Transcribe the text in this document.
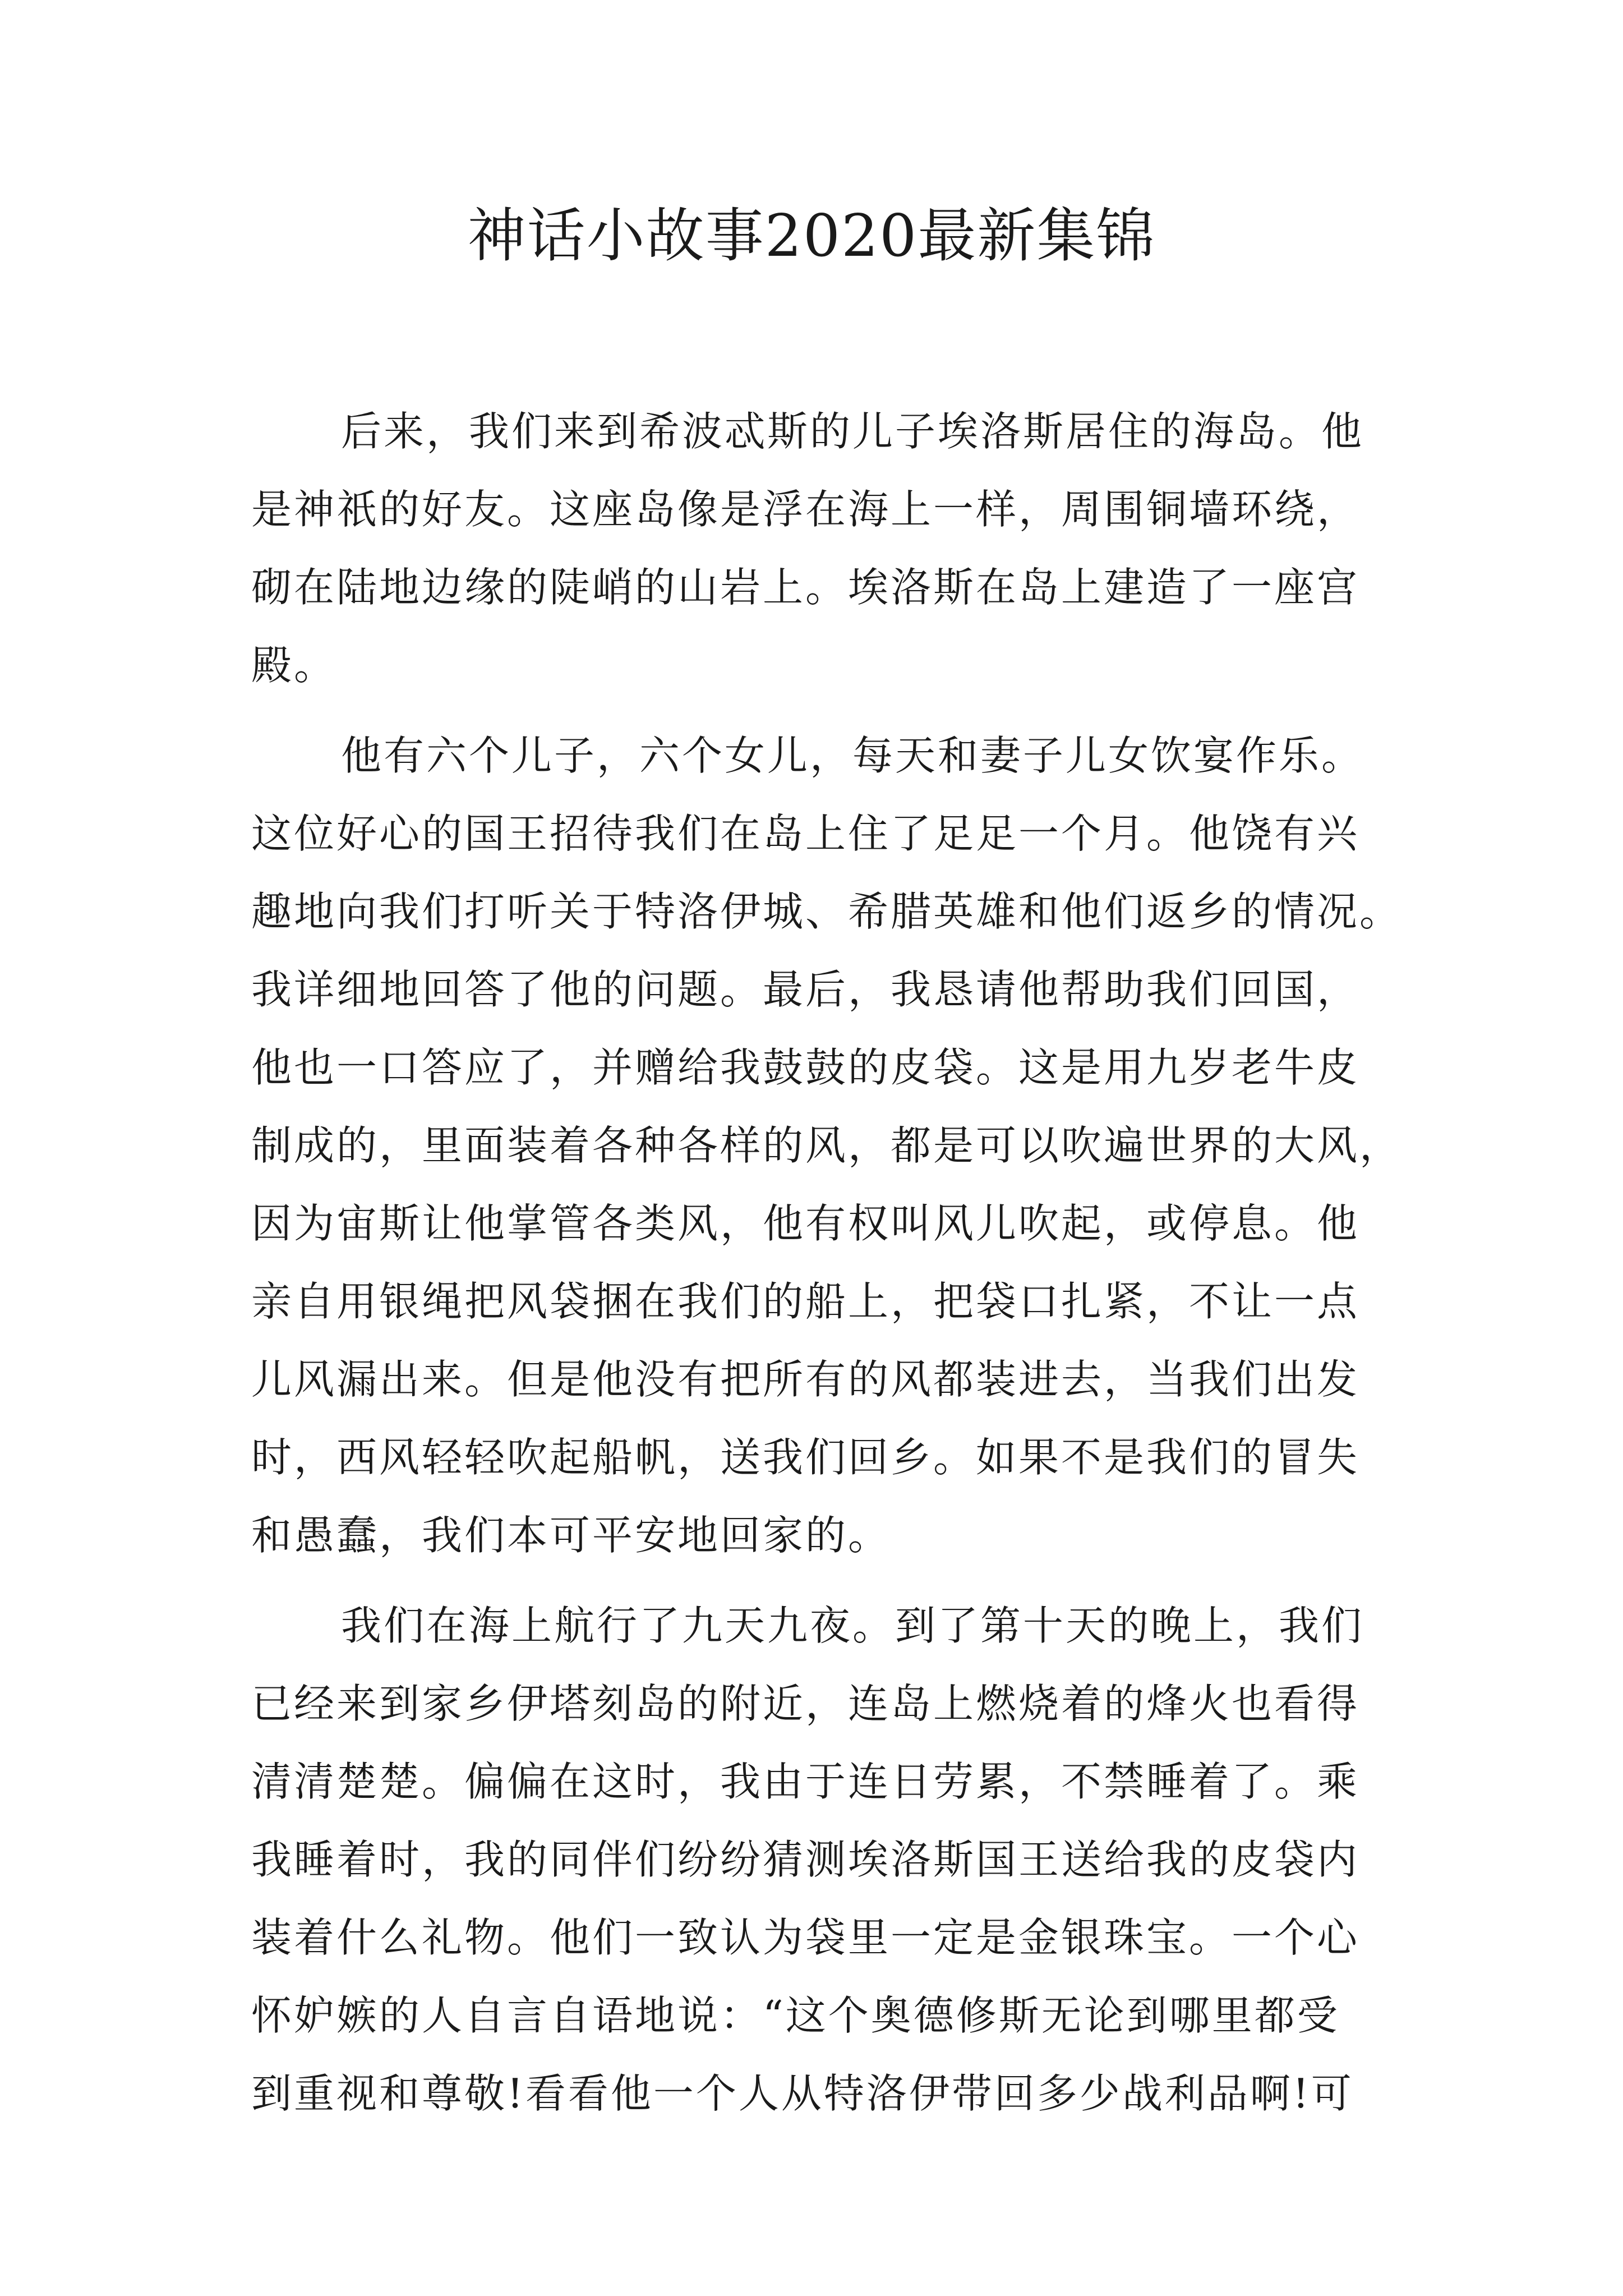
神话小故事2020最新集锦
后来，我们来到希波忒斯的儿子埃洛斯居住的海岛。他
是神祇的好友。这座岛像是浮在海上一样，周围铜墙环绕，
砌在陆地边缘的陡峭的山岩上。埃洛斯在岛上建造了一座宫
殿。
他有六个儿子，六个女儿，每天和妻子儿女饮宴作乐。
这位好心的国王招待我们在岛上住了足足一个月。他饶有兴
趣地向我们打听关于特洛伊城、希腊英雄和他们返乡的情况。
我详细地回答了他的问题。最后，我恳请他帮助我们回国，
他也一口答应了，并赠给我鼓鼓的皮袋。这是用九岁老牛皮
制成的，里面装着各种各样的风，都是可以吹遍世界的大风，
因为宙斯让他掌管各类风，他有权叫风儿吹起，或停息。他
亲自用银绳把风袋捆在我们的船上，把袋口扎紧，不让一点
儿风漏出来。但是他没有把所有的风都装进去，当我们出发
时，西风轻轻吹起船帆，送我们回乡。如果不是我们的冒失
和愚蠢，我们本可平安地回家的。
我们在海上航行了九天九夜。到了第十天的晚上，我们
已经来到家乡伊塔刻岛的附近，连岛上燃烧着的烽火也看得
清清楚楚。偏偏在这时，我由于连日劳累，不禁睡着了。乘
我睡着时，我的同伴们纷纷猜测埃洛斯国王送给我的皮袋内
装着什么礼物。他们一致认为袋里一定是金银珠宝。一个心
怀妒嫉的人自言自语地说：“这个奥德修斯无论到哪里都受
到重视和尊敬!看看他一个人从特洛伊带回多少战利品啊!可
